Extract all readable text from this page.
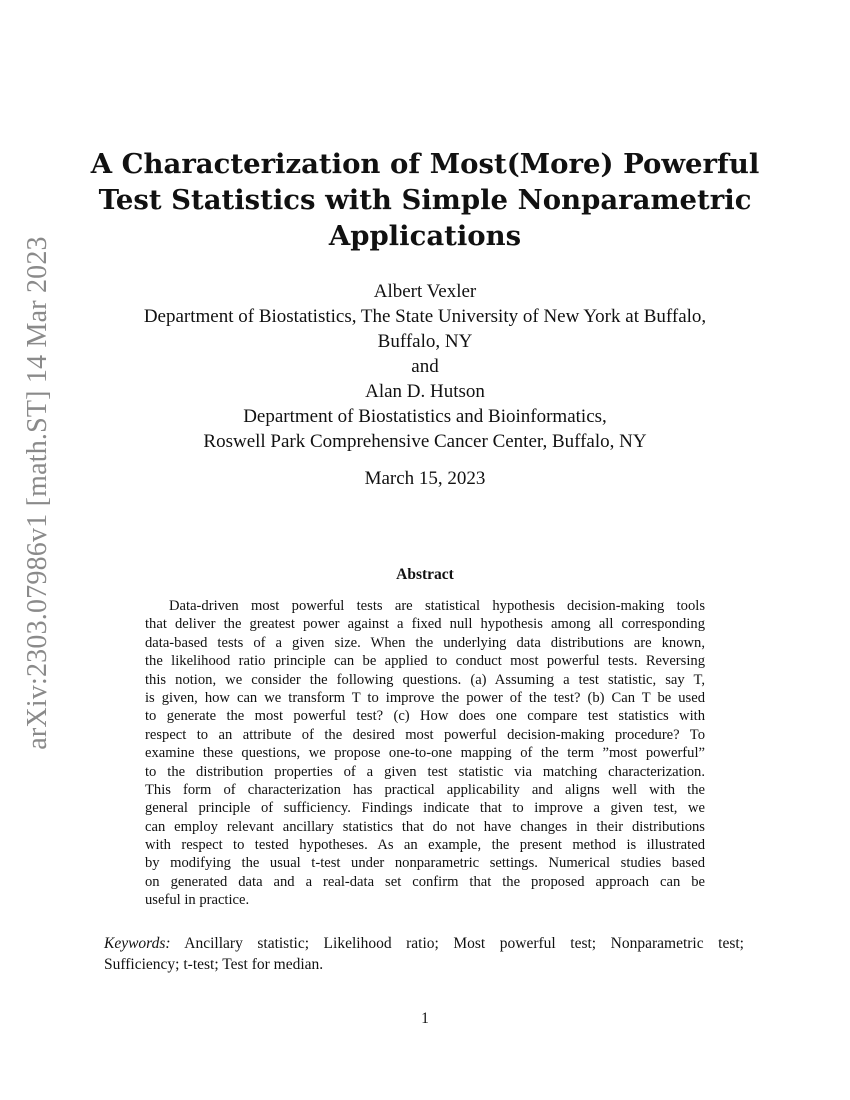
arXiv:2303.07986v1 [math.ST] 14 Mar 2023
A Characterization of Most(More) Powerful
Test Statistics with Simple Nonparametric
Applications
Albert Vexler
Department of Biostatistics, The State University of New York at Buffalo,
Buffalo, NY
and
Alan D. Hutson
Department of Biostatistics and Bioinformatics,
Roswell Park Comprehensive Cancer Center, Buffalo, NY
March 15, 2023
Abstract
Data-driven most powerful tests are statistical hypothesis decision-making tools
that deliver the greatest power against a fixed null hypothesis among all corresponding
data-based tests of a given size. When the underlying data distributions are known,
the likelihood ratio principle can be applied to conduct most powerful tests. Reversing
this notion, we consider the following questions. (a) Assuming a test statistic, say T,
is given, how can we transform T to improve the power of the test? (b) Can T be used
to generate the most powerful test? (c) How does one compare test statistics with
respect to an attribute of the desired most powerful decision-making procedure? To
examine these questions, we propose one-to-one mapping of the term ”most powerful”
to the distribution properties of a given test statistic via matching characterization.
This form of characterization has practical applicability and aligns well with the
general principle of sufficiency. Findings indicate that to improve a given test, we
can employ relevant ancillary statistics that do not have changes in their distributions
with respect to tested hypotheses. As an example, the present method is illustrated
by modifying the usual t-test under nonparametric settings. Numerical studies based
on generated data and a real-data set confirm that the proposed approach can be
useful in practice.
Keywords: Ancillary statistic; Likelihood ratio; Most powerful test; Nonparametric test;
Sufficiency; t-test; Test for median.
1
